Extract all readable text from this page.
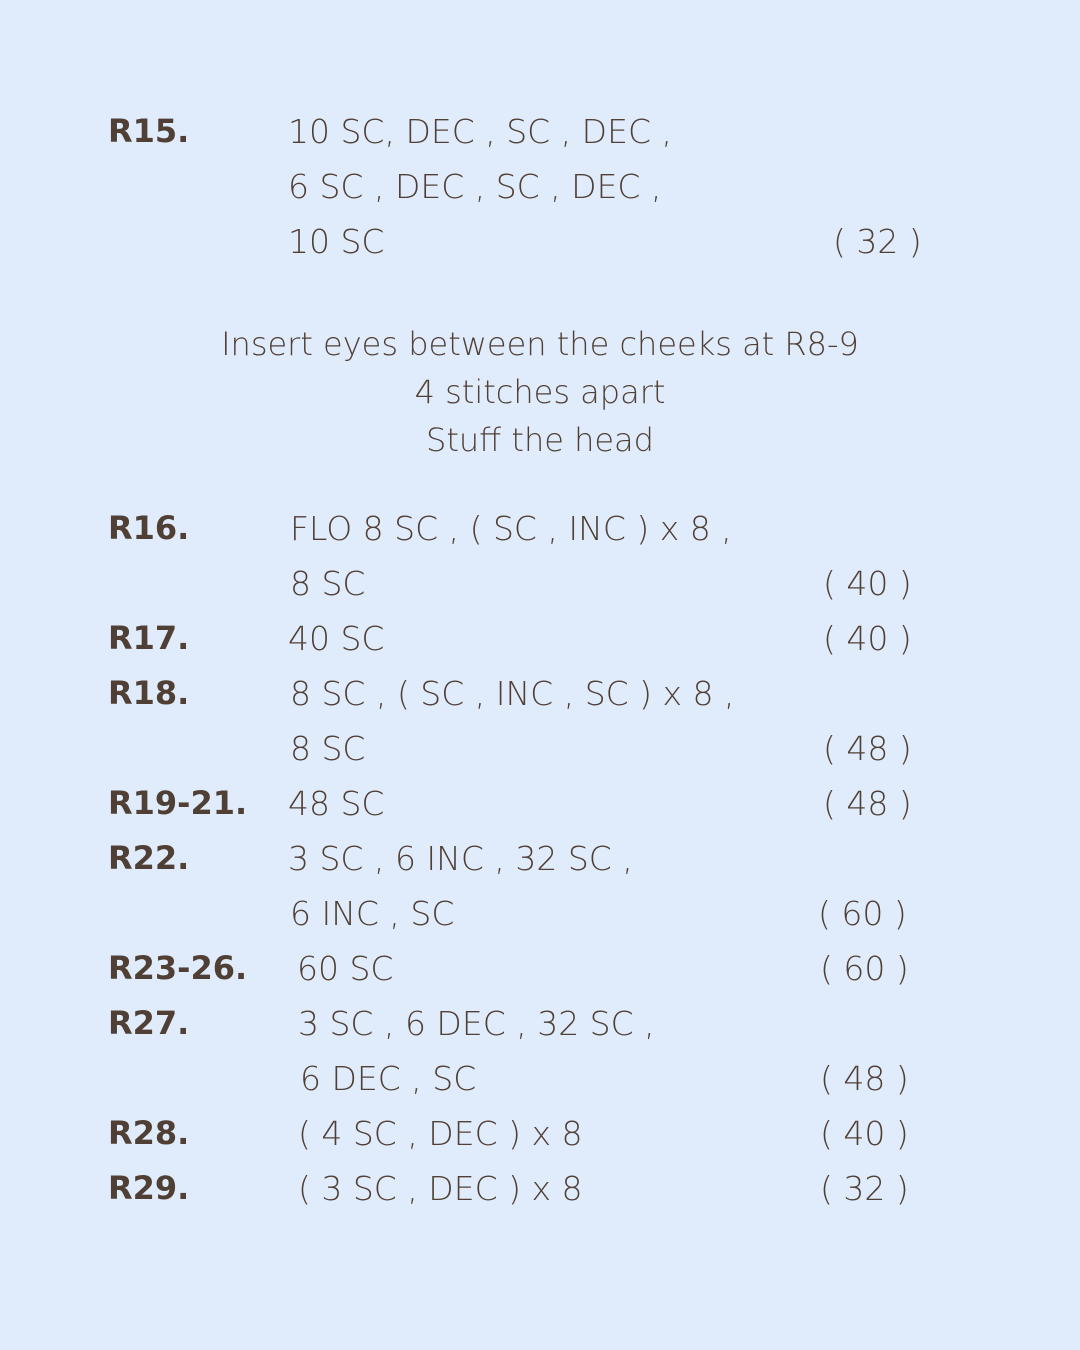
R15.	10 SC, DEC , SC , DEC ,
6 SC , DEC , SC , DEC ,
10 SC	( 32 )
Insert eyes between the cheeks at R8-9
4 stitches apart
Stuff the head
R16.	FLO 8 SC , ( SC , INC ) x 8 ,
8 SC	( 40 )
R17.	40 SC	( 40 )
R18.	8 SC , ( SC , INC , SC ) x 8 ,
8 SC	( 48 )
R19-21. 48 SC	( 48 )
R22.	3 SC , 6 INC , 32 SC ,
6 INC , SC	( 60 )
R23-26. 60 SC	( 60 )
R27.	3 SC , 6 DEC , 32 SC ,
6 DEC , SC	( 48 )
R28.	( 4 SC , DEC ) x 8	( 40 )
R29.	( 3 SC , DEC ) x 8	( 32 )
